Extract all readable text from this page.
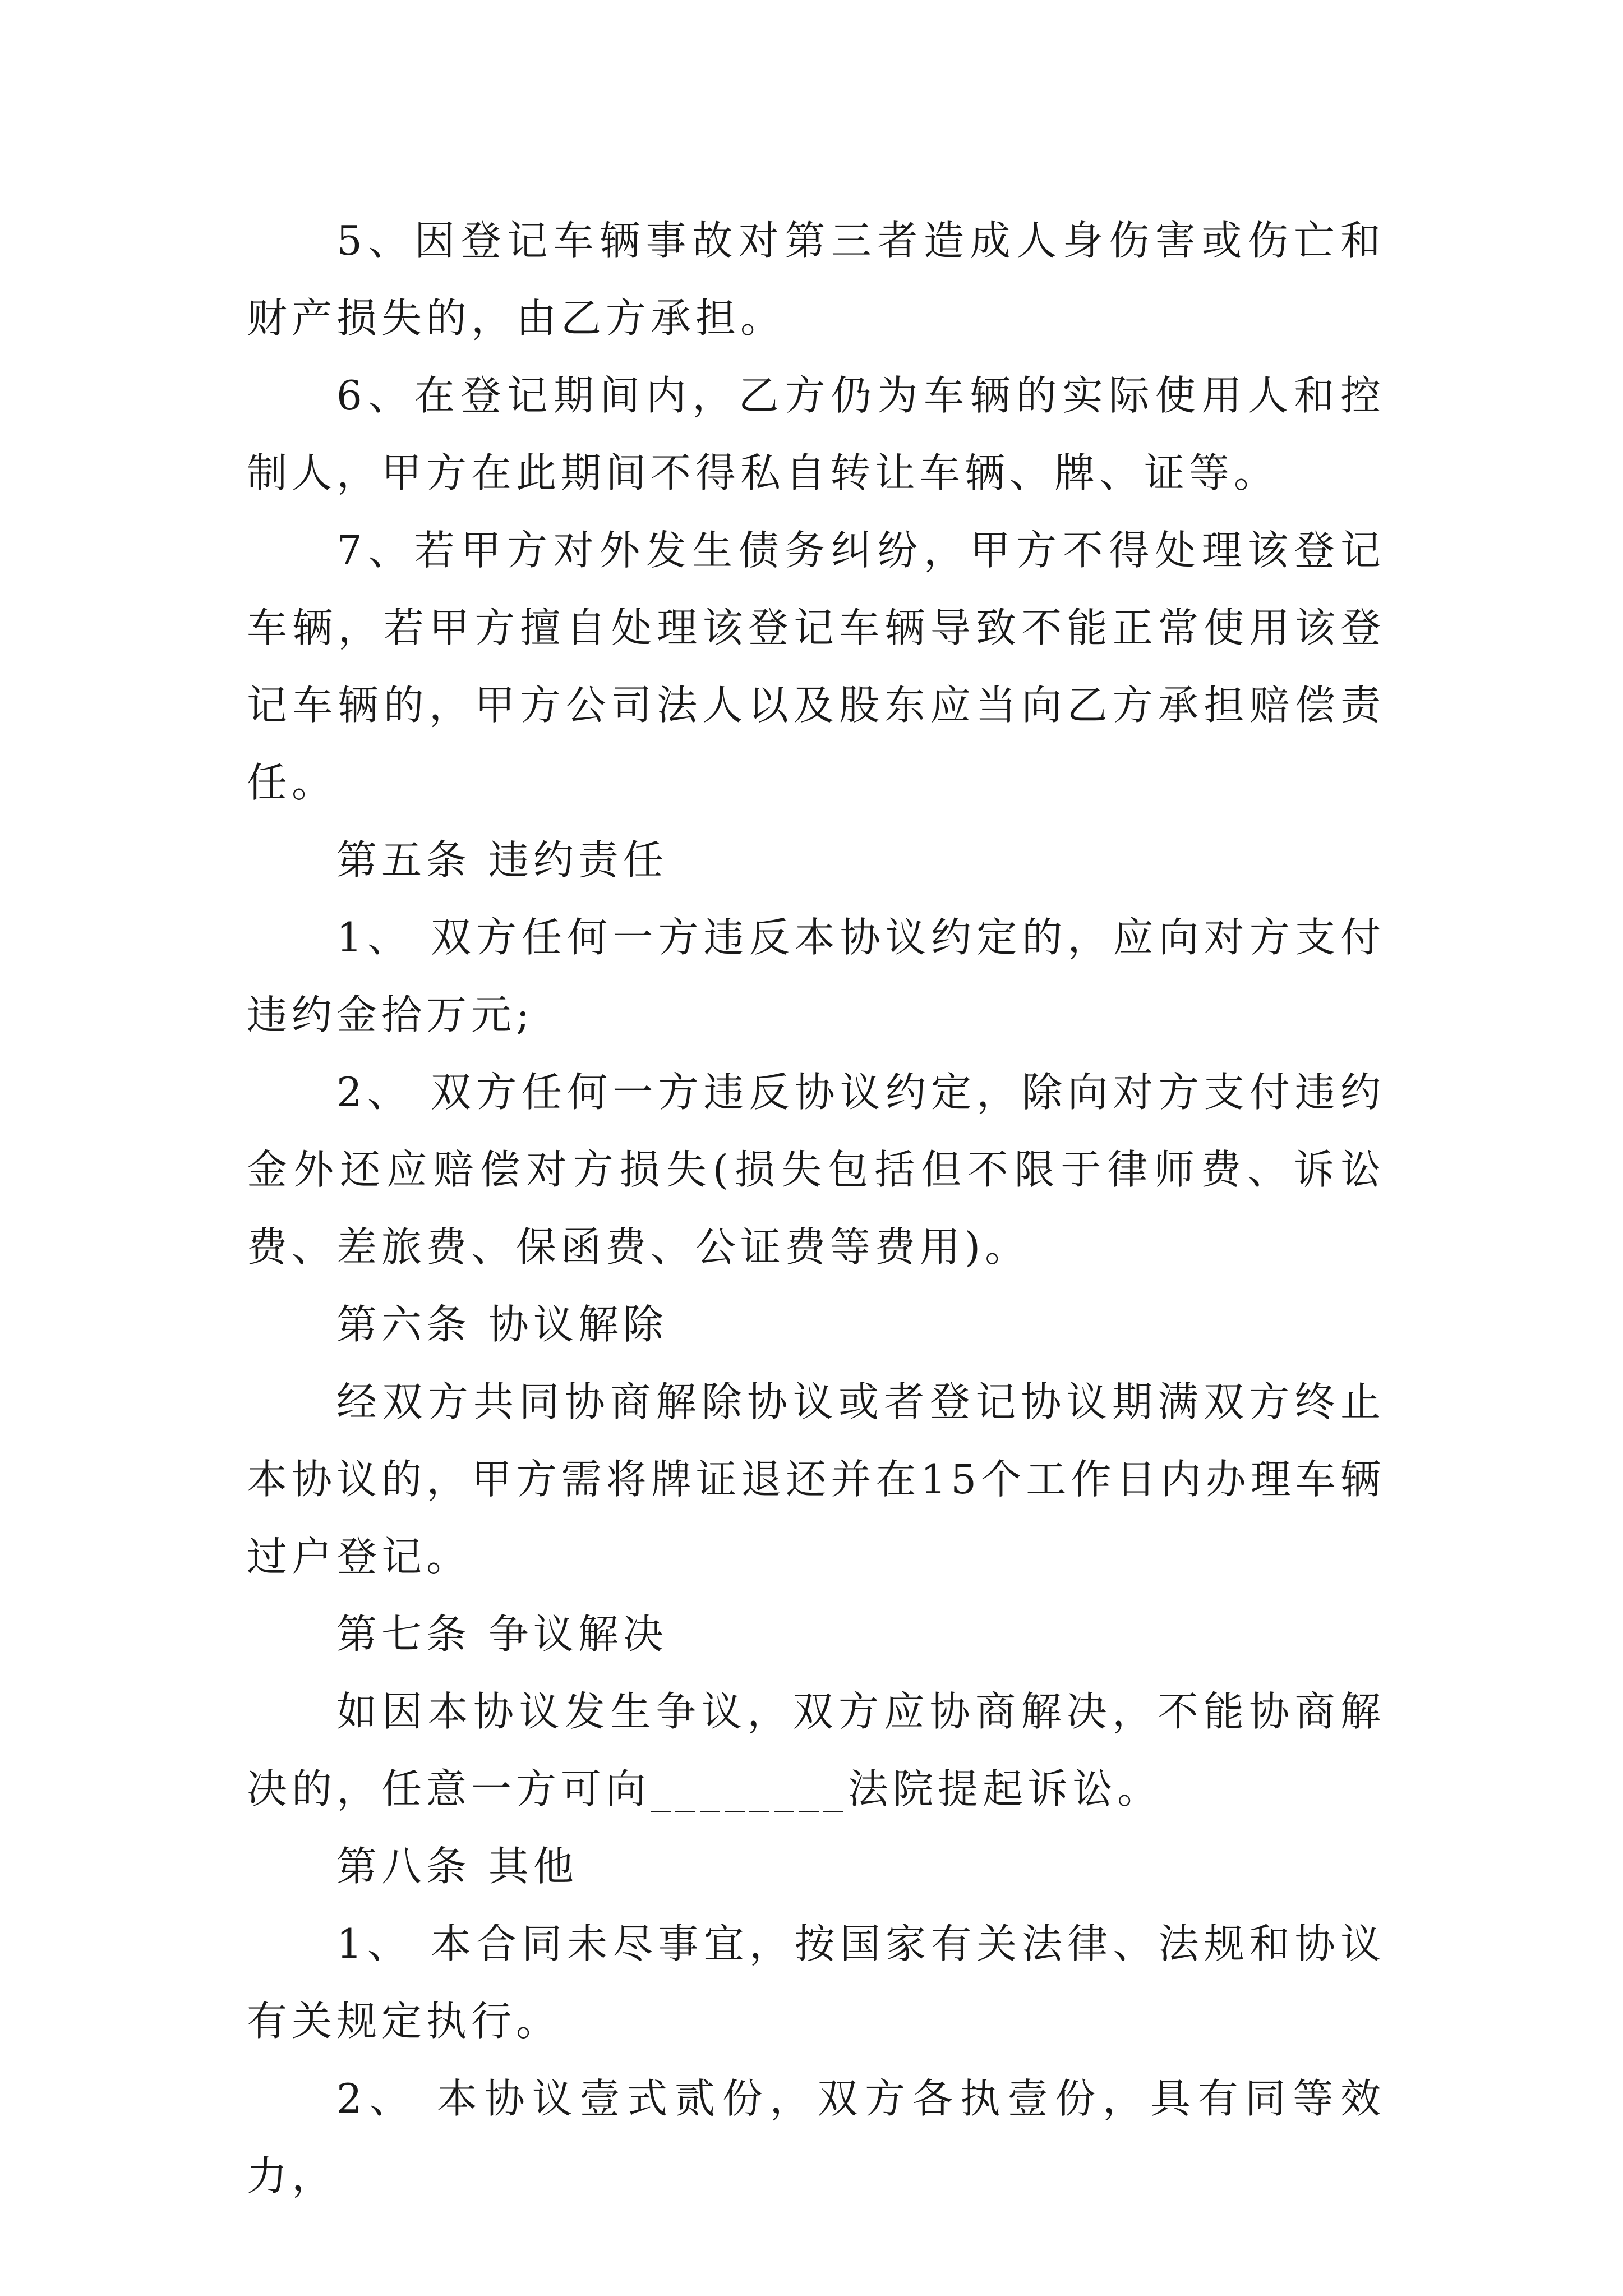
5、因登记车辆事故对第三者造成人身伤害或伤亡和财产损失的，由乙方承担。

6、在登记期间内，乙方仍为车辆的实际使用人和控制人，甲方在此期间不得私自转让车辆、牌、证等。

7、若甲方对外发生债务纠纷，甲方不得处理该登记车辆，若甲方擅自处理该登记车辆导致不能正常使用该登记车辆的，甲方公司法人以及股东应当向乙方承担赔偿责任。

第五条 违约责任

1、 双方任何一方违反本协议约定的，应向对方支付违约金拾万元;

2、 双方任何一方违反协议约定，除向对方支付违约金外还应赔偿对方损失(损失包括但不限于律师费、诉讼费、差旅费、保函费、公证费等费用)。

第六条 协议解除

经双方共同协商解除协议或者登记协议期满双方终止本协议的，甲方需将牌证退还并在15个工作日内办理车辆过户登记。

第七条 争议解决

如因本协议发生争议，双方应协商解决，不能协商解决的，任意一方可向________法院提起诉讼。

第八条 其他

1、 本合同未尽事宜，按国家有关法律、法规和协议有关规定执行。

2、 本协议壹式贰份，双方各执壹份，具有同等效力，
